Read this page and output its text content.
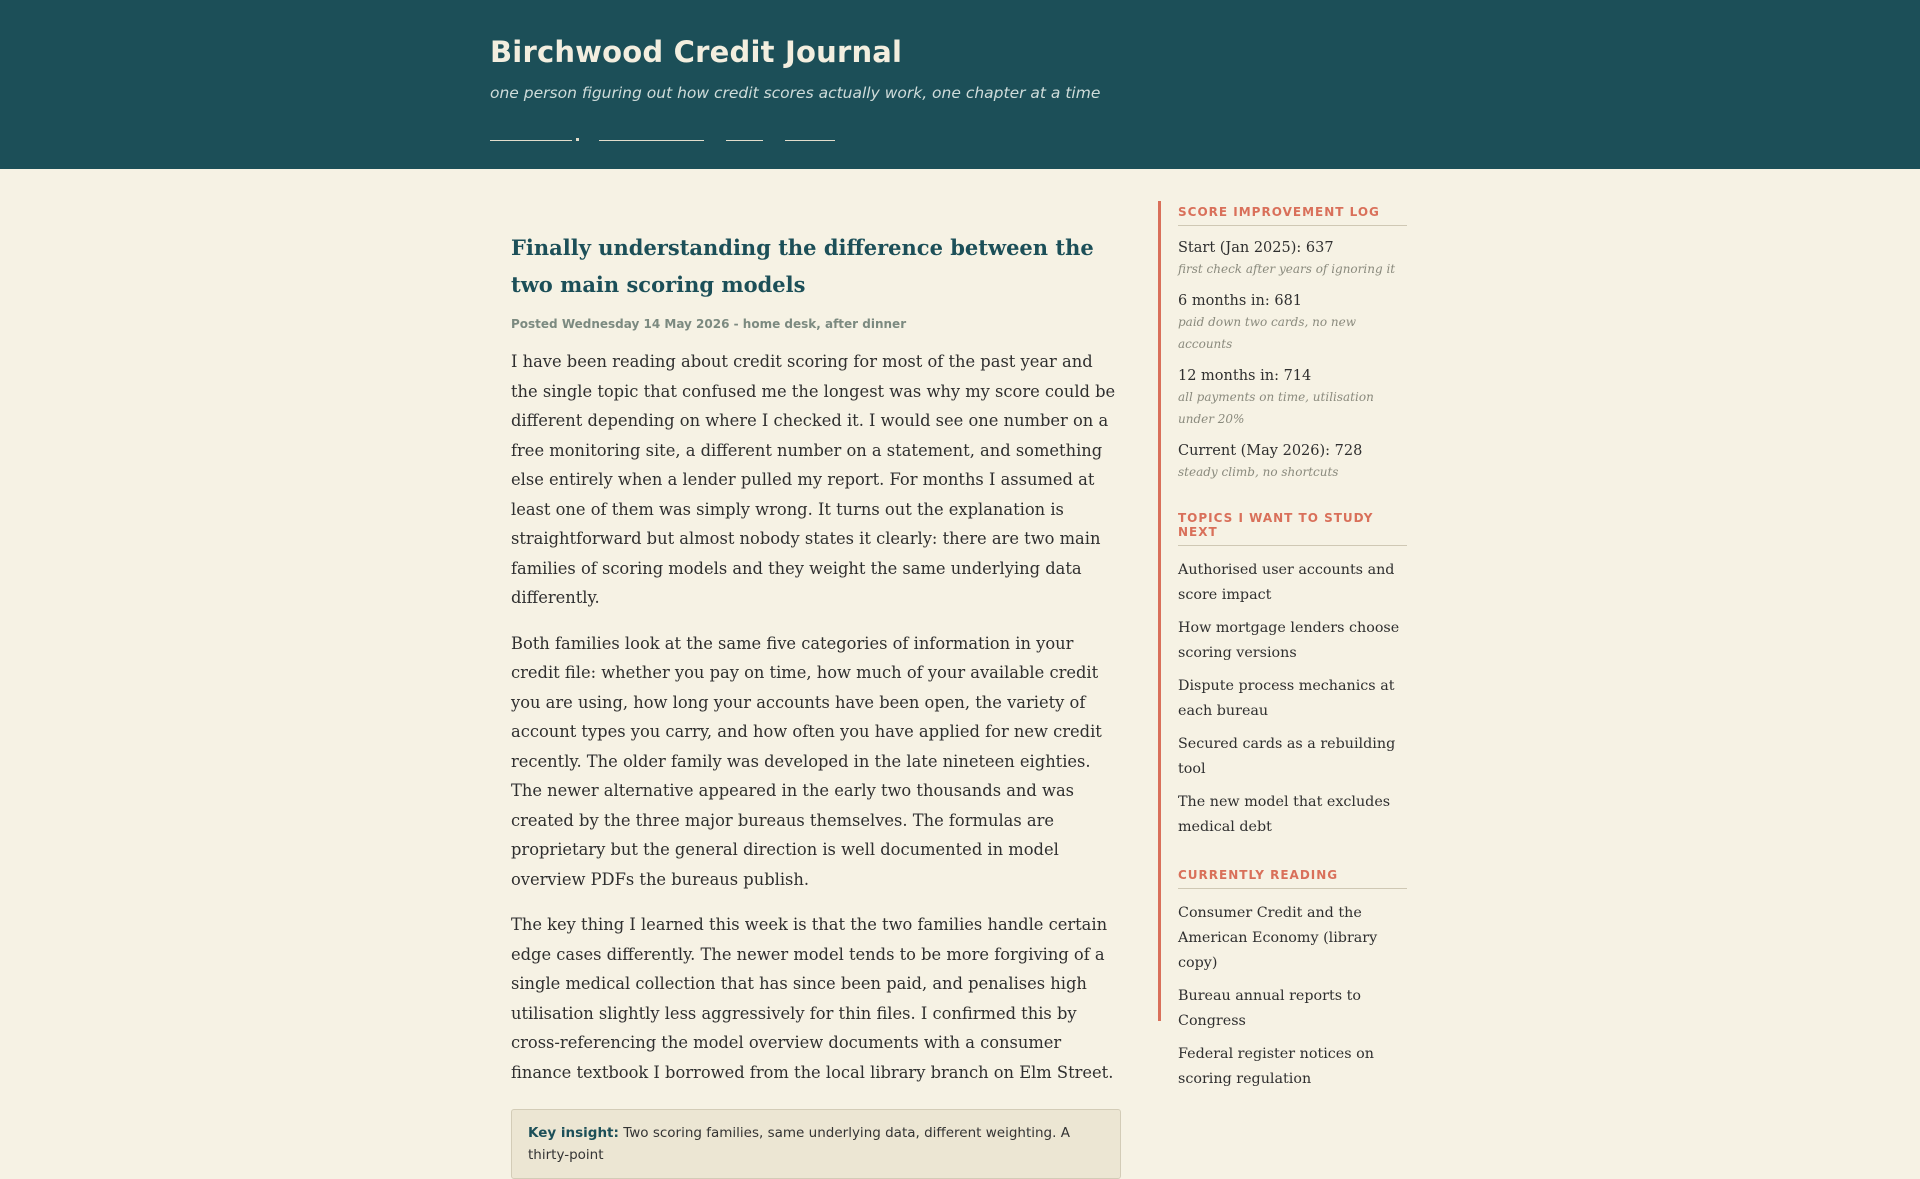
Birchwood Credit Journal
one person figuring out how credit scores actually work, one chapter at a time
Finally understanding the difference between the two main scoring models
Posted Wednesday 14 May 2026 - home desk, after dinner

I have been reading about credit scoring for most of the past year and the single topic that confused me the longest was why my score could be different depending on where I checked it. I would see one number on a free monitoring site, a different number on a statement, and something else entirely when a lender pulled my report. For months I assumed at least one of them was simply wrong. It turns out the explanation is straightforward but almost nobody states it clearly: there are two main families of scoring models and they weight the same underlying data differently.

Both families look at the same five categories of information in your credit file: whether you pay on time, how much of your available credit you are using, how long your accounts have been open, the variety of account types you carry, and how often you have applied for new credit recently. The older family was developed in the late nineteen eighties. The newer alternative appeared in the early two thousands and was created by the three major bureaus themselves. The formulas are proprietary but the general direction is well documented in model overview PDFs the bureaus publish.

The key thing I learned this week is that the two families handle certain edge cases differently. The newer model tends to be more forgiving of a single medical collection that has since been paid, and penalises high utilisation slightly less aggressively for thin files. I confirmed this by cross-referencing the model overview documents with a consumer finance textbook I borrowed from the local library branch on Elm Street.

Key insight: Two scoring families, same underlying data, different weighting. A thirty-point
SCORE IMPROVEMENT LOG
Start (Jan 2025): 637
first check after years of ignoring it
6 months in: 681
paid down two cards, no new accounts
12 months in: 714
all payments on time, utilisation under 20%
Current (May 2026): 728
steady climb, no shortcuts
TOPICS I WANT TO STUDY NEXT
Authorised user accounts and score impact
How mortgage lenders choose scoring versions
Dispute process mechanics at each bureau
Secured cards as a rebuilding tool
The new model that excludes medical debt
CURRENTLY READING
Consumer Credit and the American Economy (library copy)
Bureau annual reports to Congress
Federal register notices on scoring regulation
